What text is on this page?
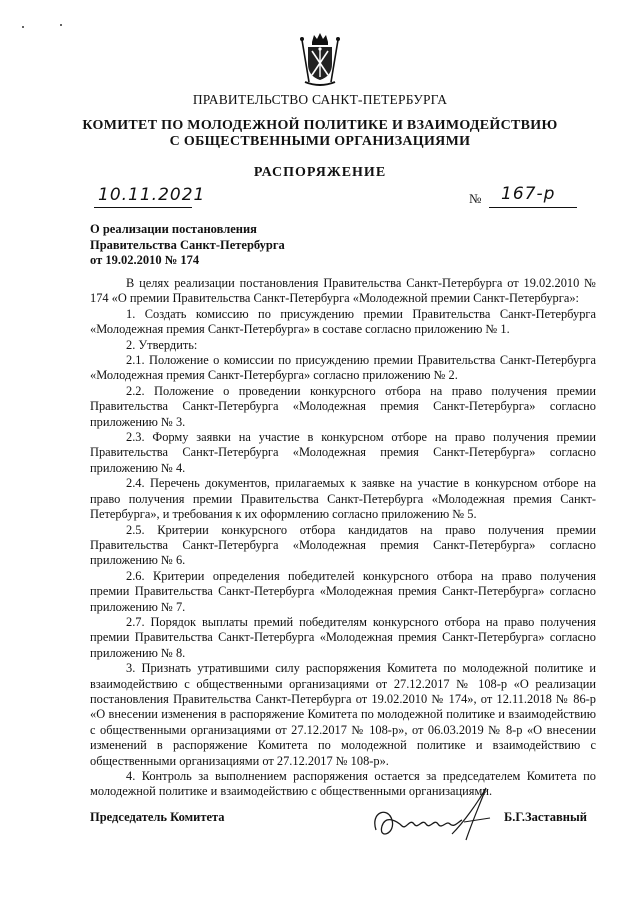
ПРАВИТЕЛЬСТВО САНКТ-ПЕТЕРБУРГА
КОМИТЕТ ПО МОЛОДЕЖНОЙ ПОЛИТИКЕ И ВЗАИМОДЕЙСТВИЮ
С ОБЩЕСТВЕННЫМИ ОРГАНИЗАЦИЯМИ
РАСПОРЯЖЕНИЕ
10.11.2021	№ 167-р
О реализации постановления
Правительства Санкт-Петербурга
от 19.02.2010 № 174

В целях реализации постановления Правительства Санкт-Петербурга от 19.02.2010 № 174 «О премии Правительства Санкт-Петербурга «Молодежной премии Санкт-Петербурга»:

1. Создать комиссию по присуждению премии Правительства Санкт-Петербурга «Молодежная премия Санкт-Петербурга» в составе согласно приложению № 1.

2. Утвердить:

2.1. Положение о комиссии по присуждению премии Правительства Санкт-Петербурга «Молодежная премия Санкт-Петербурга» согласно приложению № 2.

2.2. Положение о проведении конкурсного отбора на право получения премии Правительства Санкт-Петербурга «Молодежная премия Санкт-Петербурга» согласно приложению № 3.

2.3. Форму заявки на участие в конкурсном отборе на право получения премии Правительства Санкт-Петербурга «Молодежная премия Санкт-Петербурга» согласно приложению № 4.

2.4. Перечень документов, прилагаемых к заявке на участие в конкурсном отборе на право получения премии Правительства Санкт-Петербурга «Молодежная премия Санкт-Петербурга», и требования к их оформлению согласно приложению № 5.

2.5. Критерии конкурсного отбора кандидатов на право получения премии Правительства Санкт-Петербурга «Молодежная премия Санкт-Петербурга» согласно приложению № 6.

2.6. Критерии определения победителей конкурсного отбора на право получения премии Правительства Санкт-Петербурга «Молодежная премия Санкт-Петербурга» согласно приложению № 7.

2.7. Порядок выплаты премий победителям конкурсного отбора на право получения премии Правительства Санкт-Петербурга «Молодежная премия Санкт-Петербурга» согласно приложению № 8.

3. Признать утратившими силу распоряжения Комитета по молодежной политике и взаимодействию с общественными организациями от 27.12.2017 № 108-р «О реализации постановления Правительства Санкт-Петербурга от 19.02.2010 № 174», от 12.11.2018 № 86-р «О внесении изменения в распоряжение Комитета по молодежной политике и взаимодействию с общественными организациями от 27.12.2017 № 108-р», от 06.03.2019 № 8-р «О внесении изменений в распоряжение Комитета по молодежной политике и взаимодействию с общественными организациями от 27.12.2017 № 108-р».

4. Контроль за выполнением распоряжения остается за председателем Комитета по молодежной политике и взаимодействию с общественными организациями.

Председатель Комитета	Б.Г.Заставный
